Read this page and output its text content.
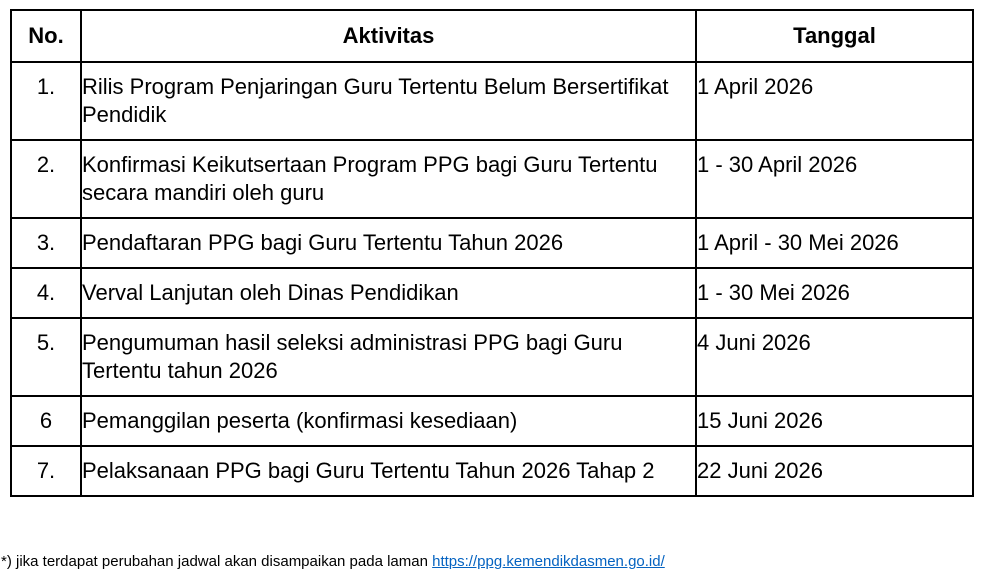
No.	Aktivitas	Tanggal
1.	Rilis Program Penjaringan Guru Tertentu Belum Bersertifikat Pendidik	1 April 2026
2.	Konfirmasi Keikutsertaan Program PPG bagi Guru Tertentu secara mandiri oleh guru	1 - 30 April 2026
3.	Pendaftaran PPG bagi Guru Tertentu Tahun 2026	1 April - 30 Mei 2026
4.	Verval Lanjutan oleh Dinas Pendidikan	1 - 30 Mei 2026
5.	Pengumuman hasil seleksi administrasi PPG bagi Guru Tertentu tahun 2026	4 Juni 2026
6	Pemanggilan peserta (konfirmasi kesediaan)	15 Juni 2026
7.	Pelaksanaan PPG bagi Guru Tertentu Tahun 2026 Tahap 2	22 Juni 2026
*) jika terdapat perubahan jadwal akan disampaikan pada laman https://ppg.kemendikdasmen.go.id/
